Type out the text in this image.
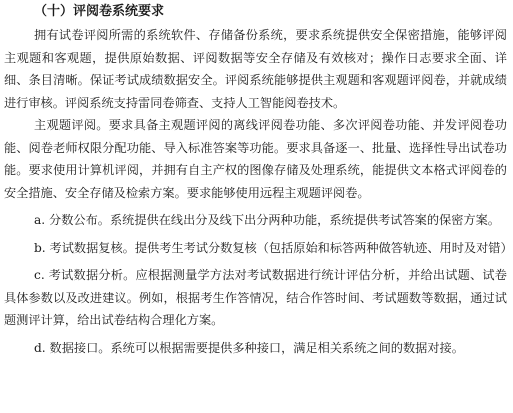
（十）评阅卷系统要求

拥有试卷评阅所需的系统软件、存储备份系统，要求系统提供安全保密措施，能够评阅主观题和客观题，提供原始数据、评阅数据等安全存储及有效核对；操作日志要求全面、详细、条目清晰。保证考试成绩数据安全。评阅系统能够提供主观题和客观题评阅卷，并就成绩进行审核。评阅系统支持雷同卷筛查、支持人工智能阅卷技术。

主观题评阅。要求具备主观题评阅的离线评阅卷功能、多次评阅卷功能、并发评阅卷功能、阅卷老师权限分配功能、导入标准答案等功能。要求具备逐一、批量、选择性导出试卷功能。要求使用计算机评阅，并拥有自主产权的图像存储及处理系统，能提供文本格式评阅卷的安全措施、安全存储及检索方案。要求能够使用远程主观题评阅卷。

a. 分数公布。系统提供在线出分及线下出分两种功能，系统提供考试答案的保密方案。

b. 考试数据复核。提供考生考试分数复核（包括原始和标答两种做答轨迹、用时及对错）

c. 考试数据分析。应根据测量学方法对考试数据进行统计评估分析，并给出试题、试卷具体参数以及改进建议。例如，根据考生作答情况，结合作答时间、考试题数等数据，通过试题测评计算，给出试卷结构合理化方案。

d. 数据接口。系统可以根据需要提供多种接口，满足相关系统之间的数据对接。
